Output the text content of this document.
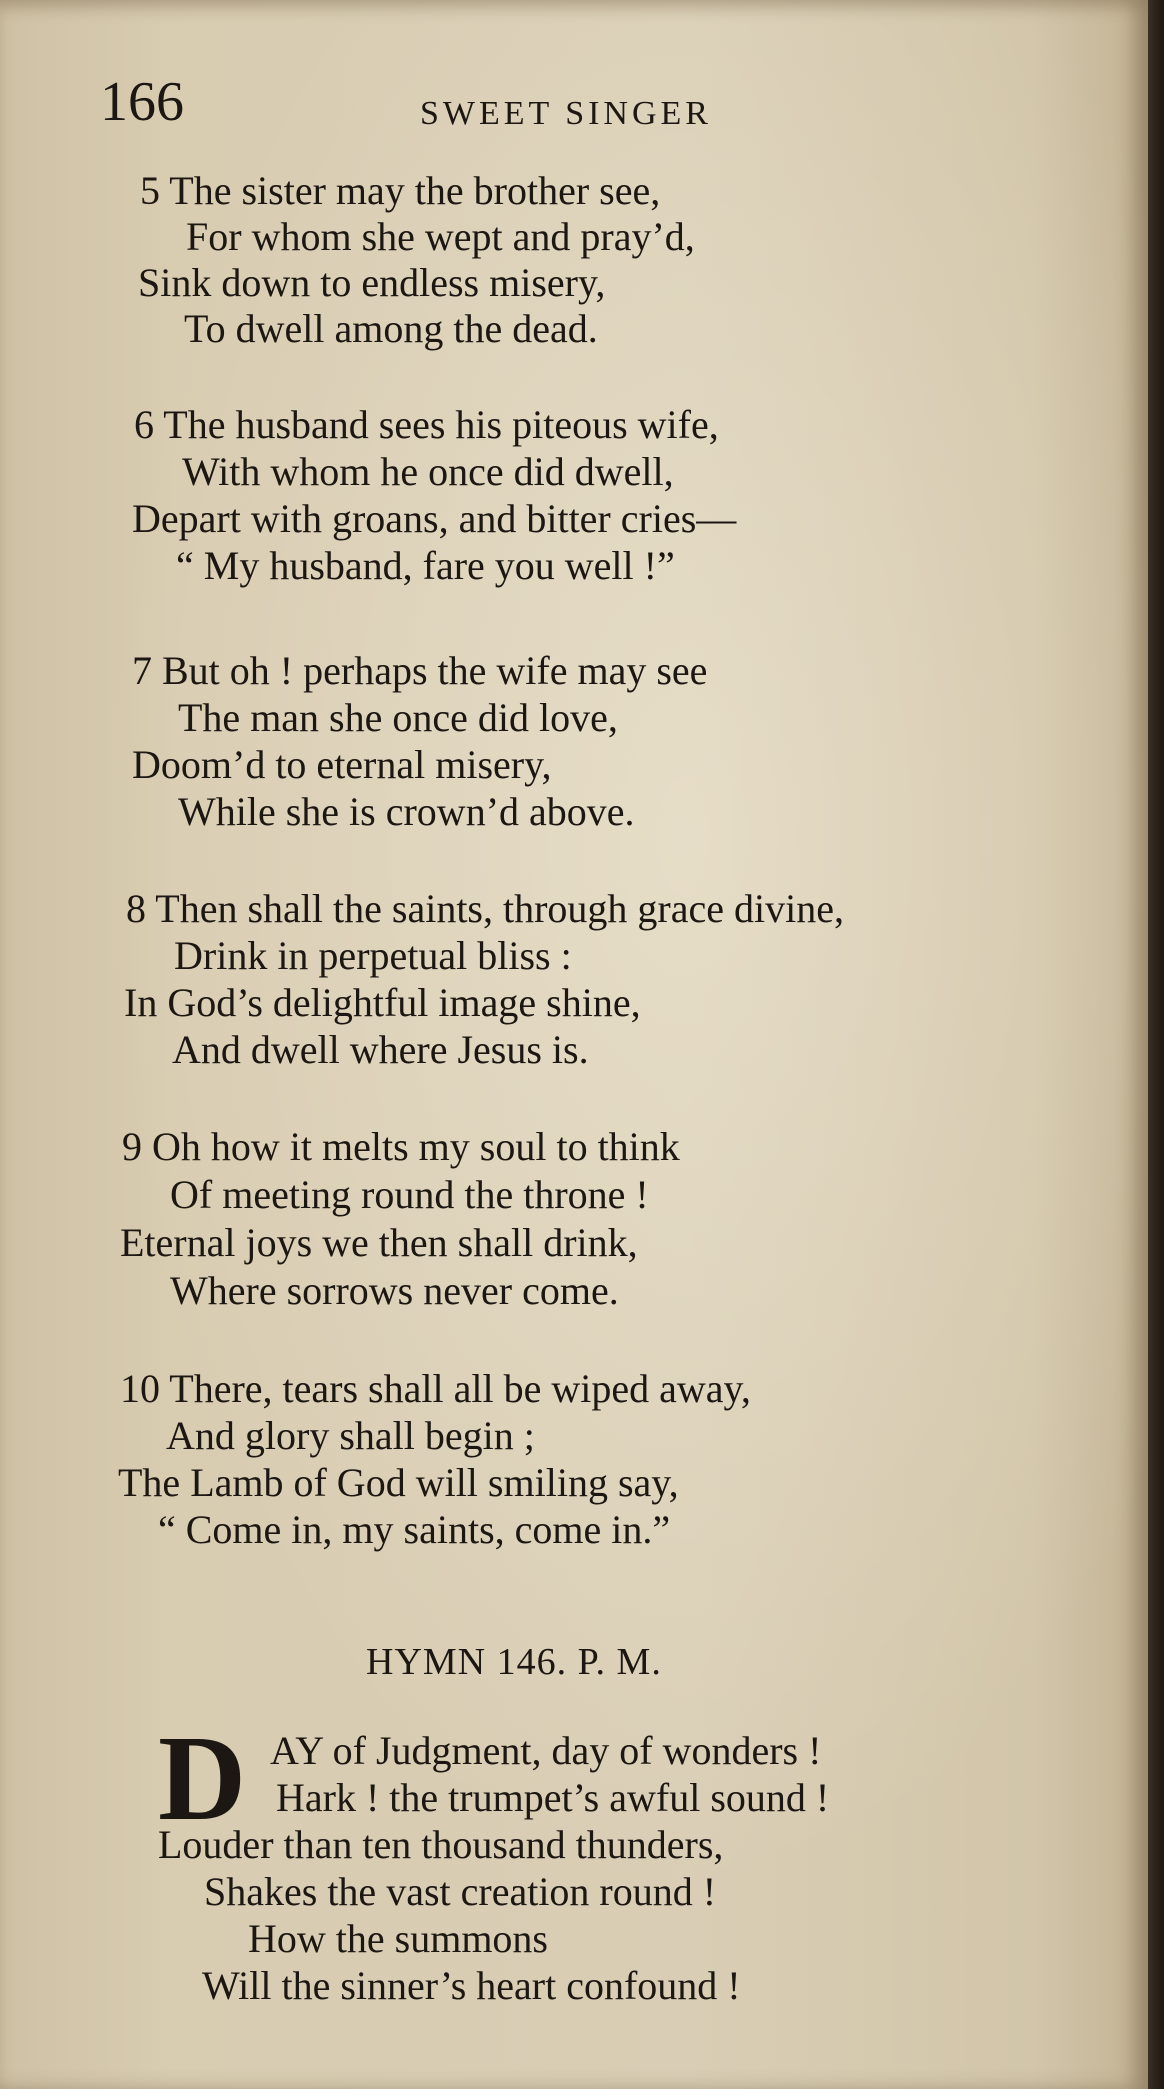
166	SWEET SINGER
5 The sister may the brother see,
For whom she wept and pray’d,
Sink down to endless misery,
To dwell among the dead.
6 The husband sees his piteous wife,
With whom he once did dwell,
Depart with groans, and bitter cries—
“ My husband, fare you well !”
7 But oh ! perhaps the wife may see
The man she once did love,
Doom’d to eternal misery,
While she is crown’d above.
8 Then shall the saints, through grace divine,
Drink in perpetual bliss :
In God’s delightful image shine,
And dwell where Jesus is.
9 Oh how it melts my soul to think
Of meeting round the throne !
Eternal joys we then shall drink,
Where sorrows never come.
10 There, tears shall all be wiped away,
And glory shall begin ;
The Lamb of God will smiling say,
“ Come in, my saints, come in.”
HYMN 146. P. M.
D AY of Judgment, day of wonders !
Hark ! the trumpet’s awful sound !
Louder than ten thousand thunders,
Shakes the vast creation round !
How the summons
Will the sinner’s heart confound !
